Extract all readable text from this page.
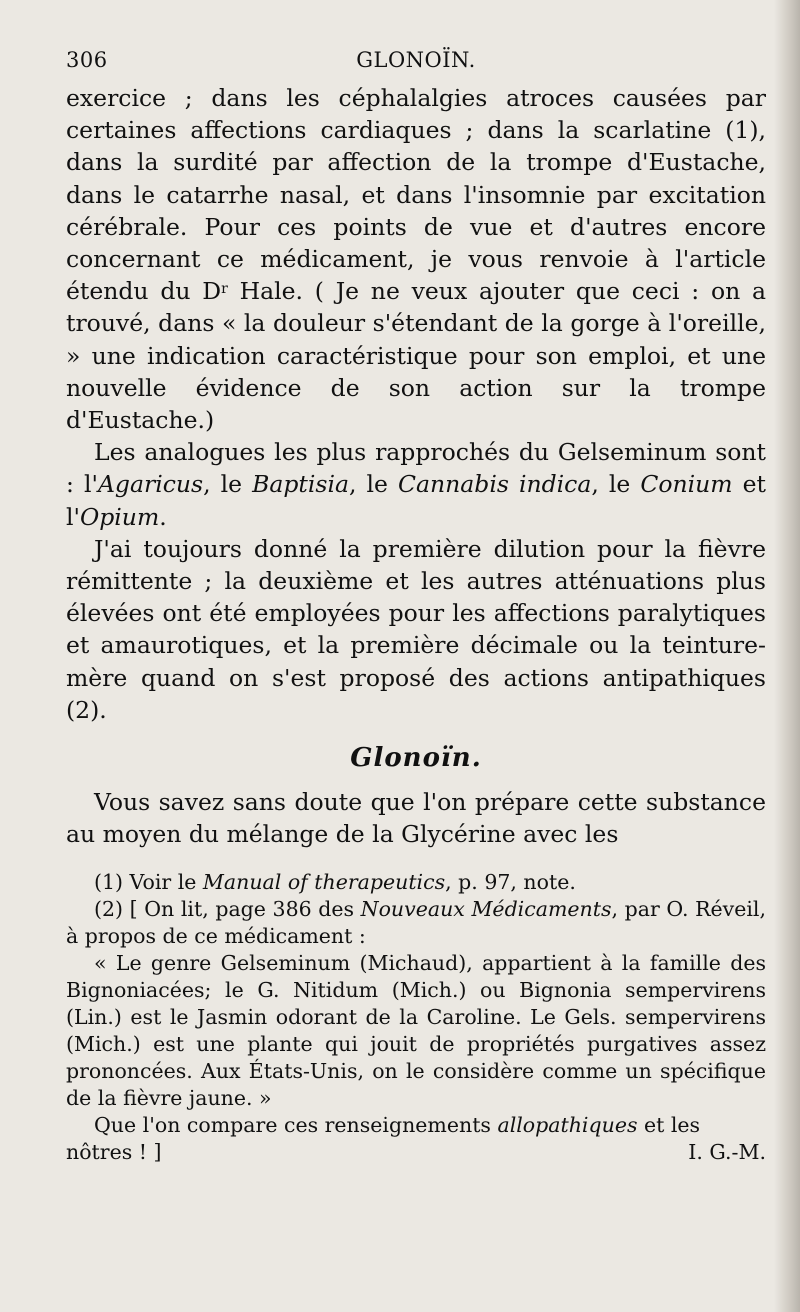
306	GLONOÏN.

exercice ; dans les céphalalgies atroces causées par certaines affections cardiaques ; dans la scarlatine (1), dans la surdité par affection de la trompe d'Eustache, dans le catarrhe nasal, et dans l'insomnie par excitation cérébrale. Pour ces points de vue et d'autres encore concernant ce médicament, je vous renvoie à l'article étendu du $D^r$ Hale. ( Je ne veux ajouter que ceci : on a trouvé, dans « la douleur s'étendant de la gorge à l'oreille, » une indication caractéristique pour son emploi, et une nouvelle évidence de son action sur la trompe d'Eustache.)

Les analogues les plus rapprochés du Gelseminum sont : l'Agaricus, le Baptisia, le Cannabis indica, le Conium et l'Opium.

J'ai toujours donné la première dilution pour la fièvre rémittente ; la deuxième et les autres atténuations plus élevées ont été employées pour les affections paralytiques et amaurotiques, et la première décimale ou la teinture-mère quand on s'est proposé des actions antipathiques (2).

Glonoïn.

Vous savez sans doute que l'on prépare cette substance au moyen du mélange de la Glycérine avec les

(1) Voir le Manual of therapeutics, p. 97, note.

(2) [ On lit, page 386 des Nouveaux Médicaments, par O. Réveil, à propos de ce médicament :

« Le genre Gelseminum (Michaud), appartient à la famille des Bignoniacées; le G. Nitidum (Mich.) ou Bignonia sempervirens (Lin.) est le Jasmin odorant de la Caroline. Le Gels. sempervirens (Mich.) est une plante qui jouit de propriétés purgatives assez prononcées. Aux États-Unis, on le considère comme un spécifique de la fièvre jaune. »

Que l'on compare ces renseignements allopathiques et les

nôtres ! ]	I. G.-M.
